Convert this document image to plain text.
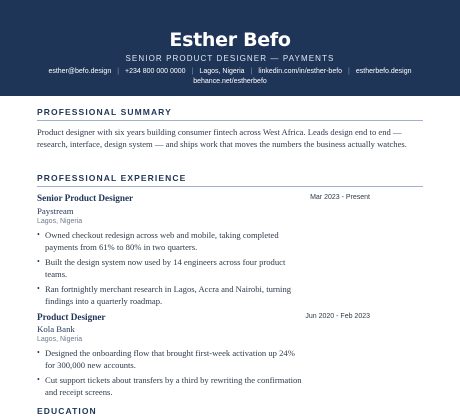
Esther Befo
SENIOR PRODUCT DESIGNER — PAYMENTS
esther@befo.design | +234 800 000 0000 | Lagos, Nigeria | linkedin.com/in/esther-befo | estherbefo.design
behance.net/estherbefo
PROFESSIONAL SUMMARY

Product designer with six years building consumer fintech across West Africa. Leads design end to end — research, interface, design system — and ships work that moves the numbers the business actually watches.

PROFESSIONAL EXPERIENCE
Senior Product Designer	Mar 2023 - Present
Paystream
Lagos, Nigeria
• Owned checkout redesign across web and mobile, taking completed payments from 61% to 80% in two quarters.
• Built the design system now used by 14 engineers across four product teams.
• Ran fortnightly merchant research in Lagos, Accra and Nairobi, turning findings into a quarterly roadmap.
Product Designer	Jun 2020 - Feb 2023
Kola Bank
Lagos, Nigeria
• Designed the onboarding flow that brought first-week activation up 24% for 300,000 new accounts.
• Cut support tickets about transfers by a third by rewriting the confirmation and receipt screens.
EDUCATION
